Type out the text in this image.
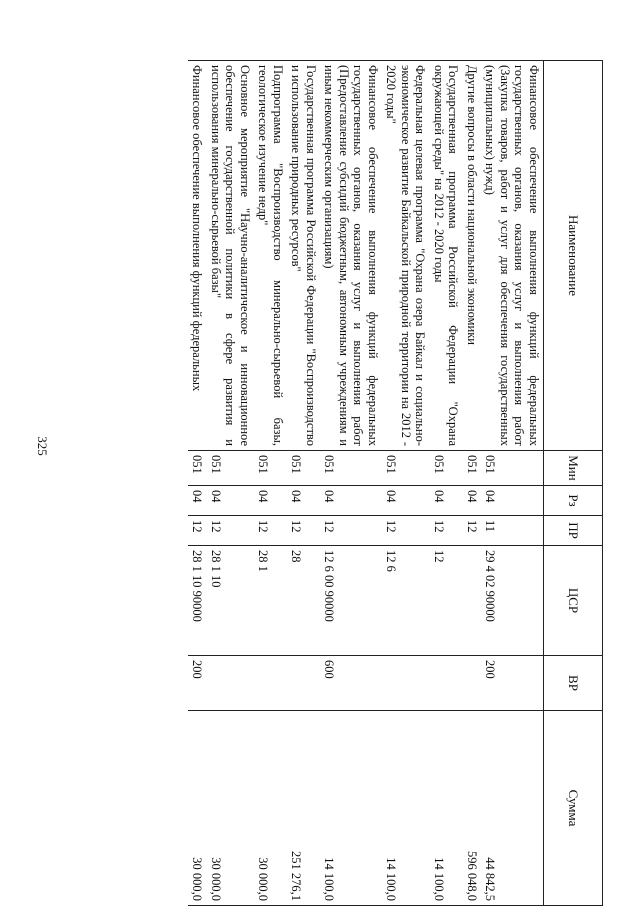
325
Наименование	Мин	Рз	ПР	ЦСР	ВР	Сумма
Финансовое обеспечение выполнения функций федеральных государственных органов, оказания услуг и выполнения работ (Закупка товаров, работ и услуг для обеспечения государственных (муниципальных) нужд)	051	04	11	29 4 02 90000	200	44 842,5
Другие вопросы в области национальной экономики	051	04	12			596 048,0
Государственная программа Российской Федерации "Охрана окружающей среды" на 2012 - 2020 годы	051	04	12	12		14 100,0
Федеральная целевая программа "Охрана озера Байкал и социально-экономическое развитие Байкальской природной территории на 2012 - 2020 годы"	051	04	12	12 6		14 100,0
Финансовое обеспечение выполнения функций федеральных государственных органов, оказания услуг и выполнения работ (Предоставление субсидий бюджетным, автономным учреждениям и иным некоммерческим организациям)	051	04	12	12 6 00 90000	600	14 100,0
Государственная программа Российской Федерации "Воспроизводство и использование природных ресурсов"	051	04	12	28		251 276,1
Подпрограмма "Воспроизводство минерально-сырьевой базы, геологическое изучение недр"	051	04	12	28 1		30 000,0
Основное мероприятие "Научно-аналитическое и инновационное обеспечение государственной политики в сфере развития и использования минерально-сырьевой базы"	051	04	12	28 1 10		30 000,0
Финансовое обеспечение выполнения функций федеральных	051	04	12	28 1 10 90000	200	30 000,0
